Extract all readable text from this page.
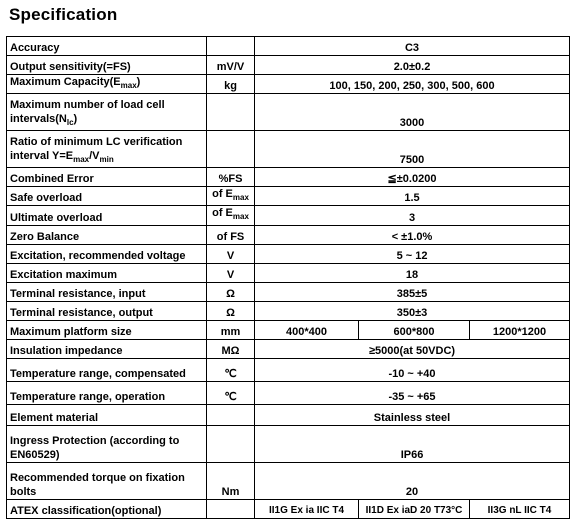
Specification
Accuracy		C3		
Output sensitivity(=FS)	mV/V	2.0±0.2		
Maximum $Capacity(E_{max})$	kg	100, 150, 200, 250, 300, 500, 600		
Maximum number of load cell $intervals(N_{lc})$		3000		
Ratio of minimum LC verification interval $Y=E_{max}/V_{min}$		7500		
Combined Error	%FS	≦±0.0200		
Safe overload	of $E_{max}$	1.5		
Ultimate overload	of $E_{max}$	3		
Zero Balance	of FS	< ±1.0%		
Excitation, recommended voltage	V	5 ~ 12		
Excitation maximum	V	18		
Terminal resistance, input	Ω	385±5		
Terminal resistance, output	Ω	350±3		
Maximum platform size	mm	400*400	600*800	1200*1200
Insulation impedance	MΩ	≥5000(at 50VDC)		
Temperature range, compensated	℃	-10 ~ +40		
Temperature range, operation	℃	-35 ~ +65		
Element material		Stainless steel		
Ingress Protection (according to EN60529)		IP66		
Recommended torque on fixation bolts	Nm	20		
ATEX classification(optional)		II1G Ex ia IIC T4	II1D Ex iaD 20 T73°C	II3G nL IIC T4
